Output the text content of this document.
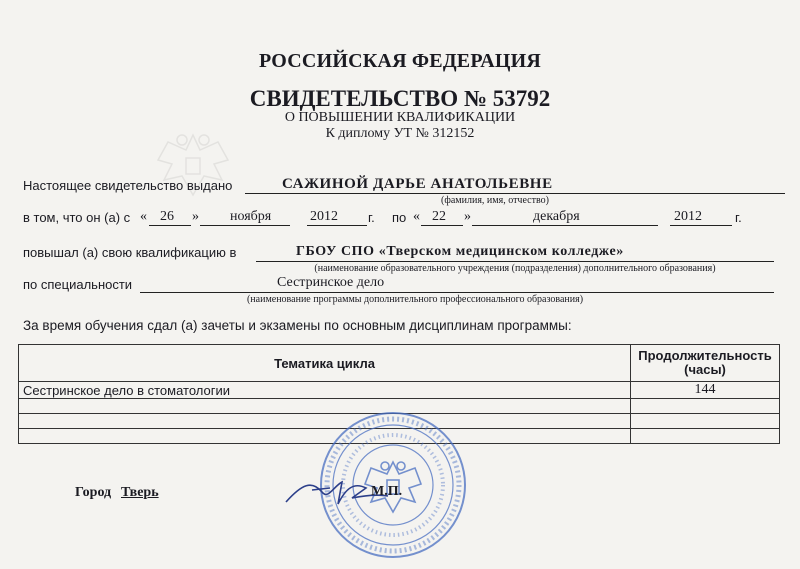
РОССИЙСКАЯ ФЕДЕРАЦИЯ
СВИДЕТЕЛЬСТВО № 53792
О ПОВЫШЕНИИ КВАЛИФИКАЦИИ
К диплому УТ № 312152
Настоящее свидетельство выдано	САЖИНОЙ ДАРЬЕ АНАТОЛЬЕВНЕ
(фамилия, имя, отчество)
в том, что он (а) с « 26 » ноября	2012 г. по « 22 »	декабря	2012	г.
повышал (а) свою квалификацию в	ГБОУ СПО «Тверском медицинском колледже»
(наименование образовательного учреждения (подразделения) дополнительного образования)
по специальности	Сестринское дело
(наименование программы дополнительного профессионального образования)
За время обучения сдал (а) зачеты и экзамены по основным дисциплинам программы:
Тематика цикла	Продолжительность
(часы)
Сестринское дело в стоматологии	144

Город Тверь	М.П.
